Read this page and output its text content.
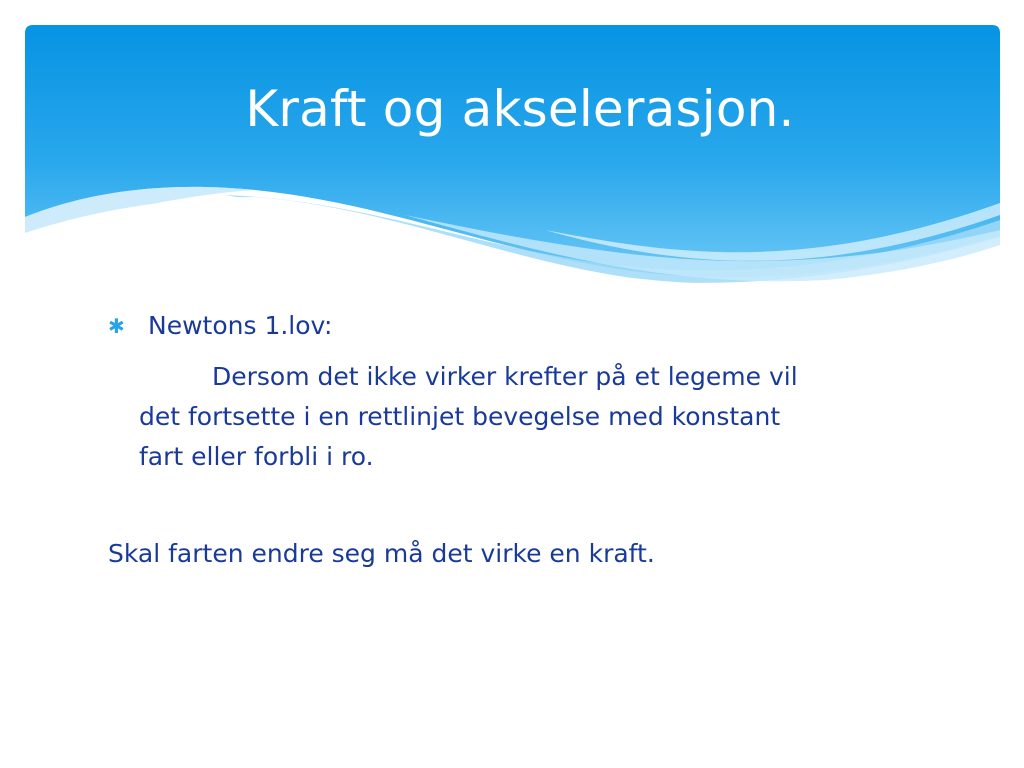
Kraft og akselerasjon.
✱ Newtons 1.lov:
Dersom det ikke virker krefter på et legeme vil
det fortsette i en rettlinjet bevegelse med konstant
fart eller forbli i ro.
Skal farten endre seg må det virke en kraft.
